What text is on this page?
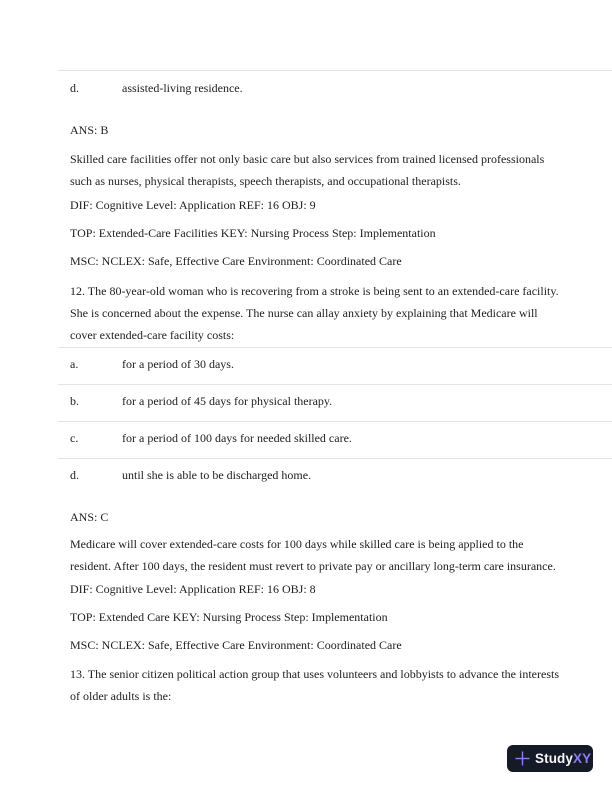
d.	assisted-living residence.
ANS: B
Skilled care facilities offer not only basic care but also services from trained licensed professionals such as nurses, physical therapists, speech therapists, and occupational therapists.
DIF: Cognitive Level: Application REF: 16 OBJ: 9
TOP: Extended-Care Facilities KEY: Nursing Process Step: Implementation
MSC: NCLEX: Safe, Effective Care Environment: Coordinated Care
12. The 80-year-old woman who is recovering from a stroke is being sent to an extended-care facility. She is concerned about the expense. The nurse can allay anxiety by explaining that Medicare will cover extended-care facility costs:
a.	for a period of 30 days.
b.	for a period of 45 days for physical therapy.
c.	for a period of 100 days for needed skilled care.
d.	until she is able to be discharged home.
ANS: C
Medicare will cover extended-care costs for 100 days while skilled care is being applied to the resident. After 100 days, the resident must revert to private pay or ancillary long-term care insurance.
DIF: Cognitive Level: Application REF: 16 OBJ: 8
TOP: Extended Care KEY: Nursing Process Step: Implementation
MSC: NCLEX: Safe, Effective Care Environment: Coordinated Care
13. The senior citizen political action group that uses volunteers and lobbyists to advance the interests of older adults is the:
StudyXY
